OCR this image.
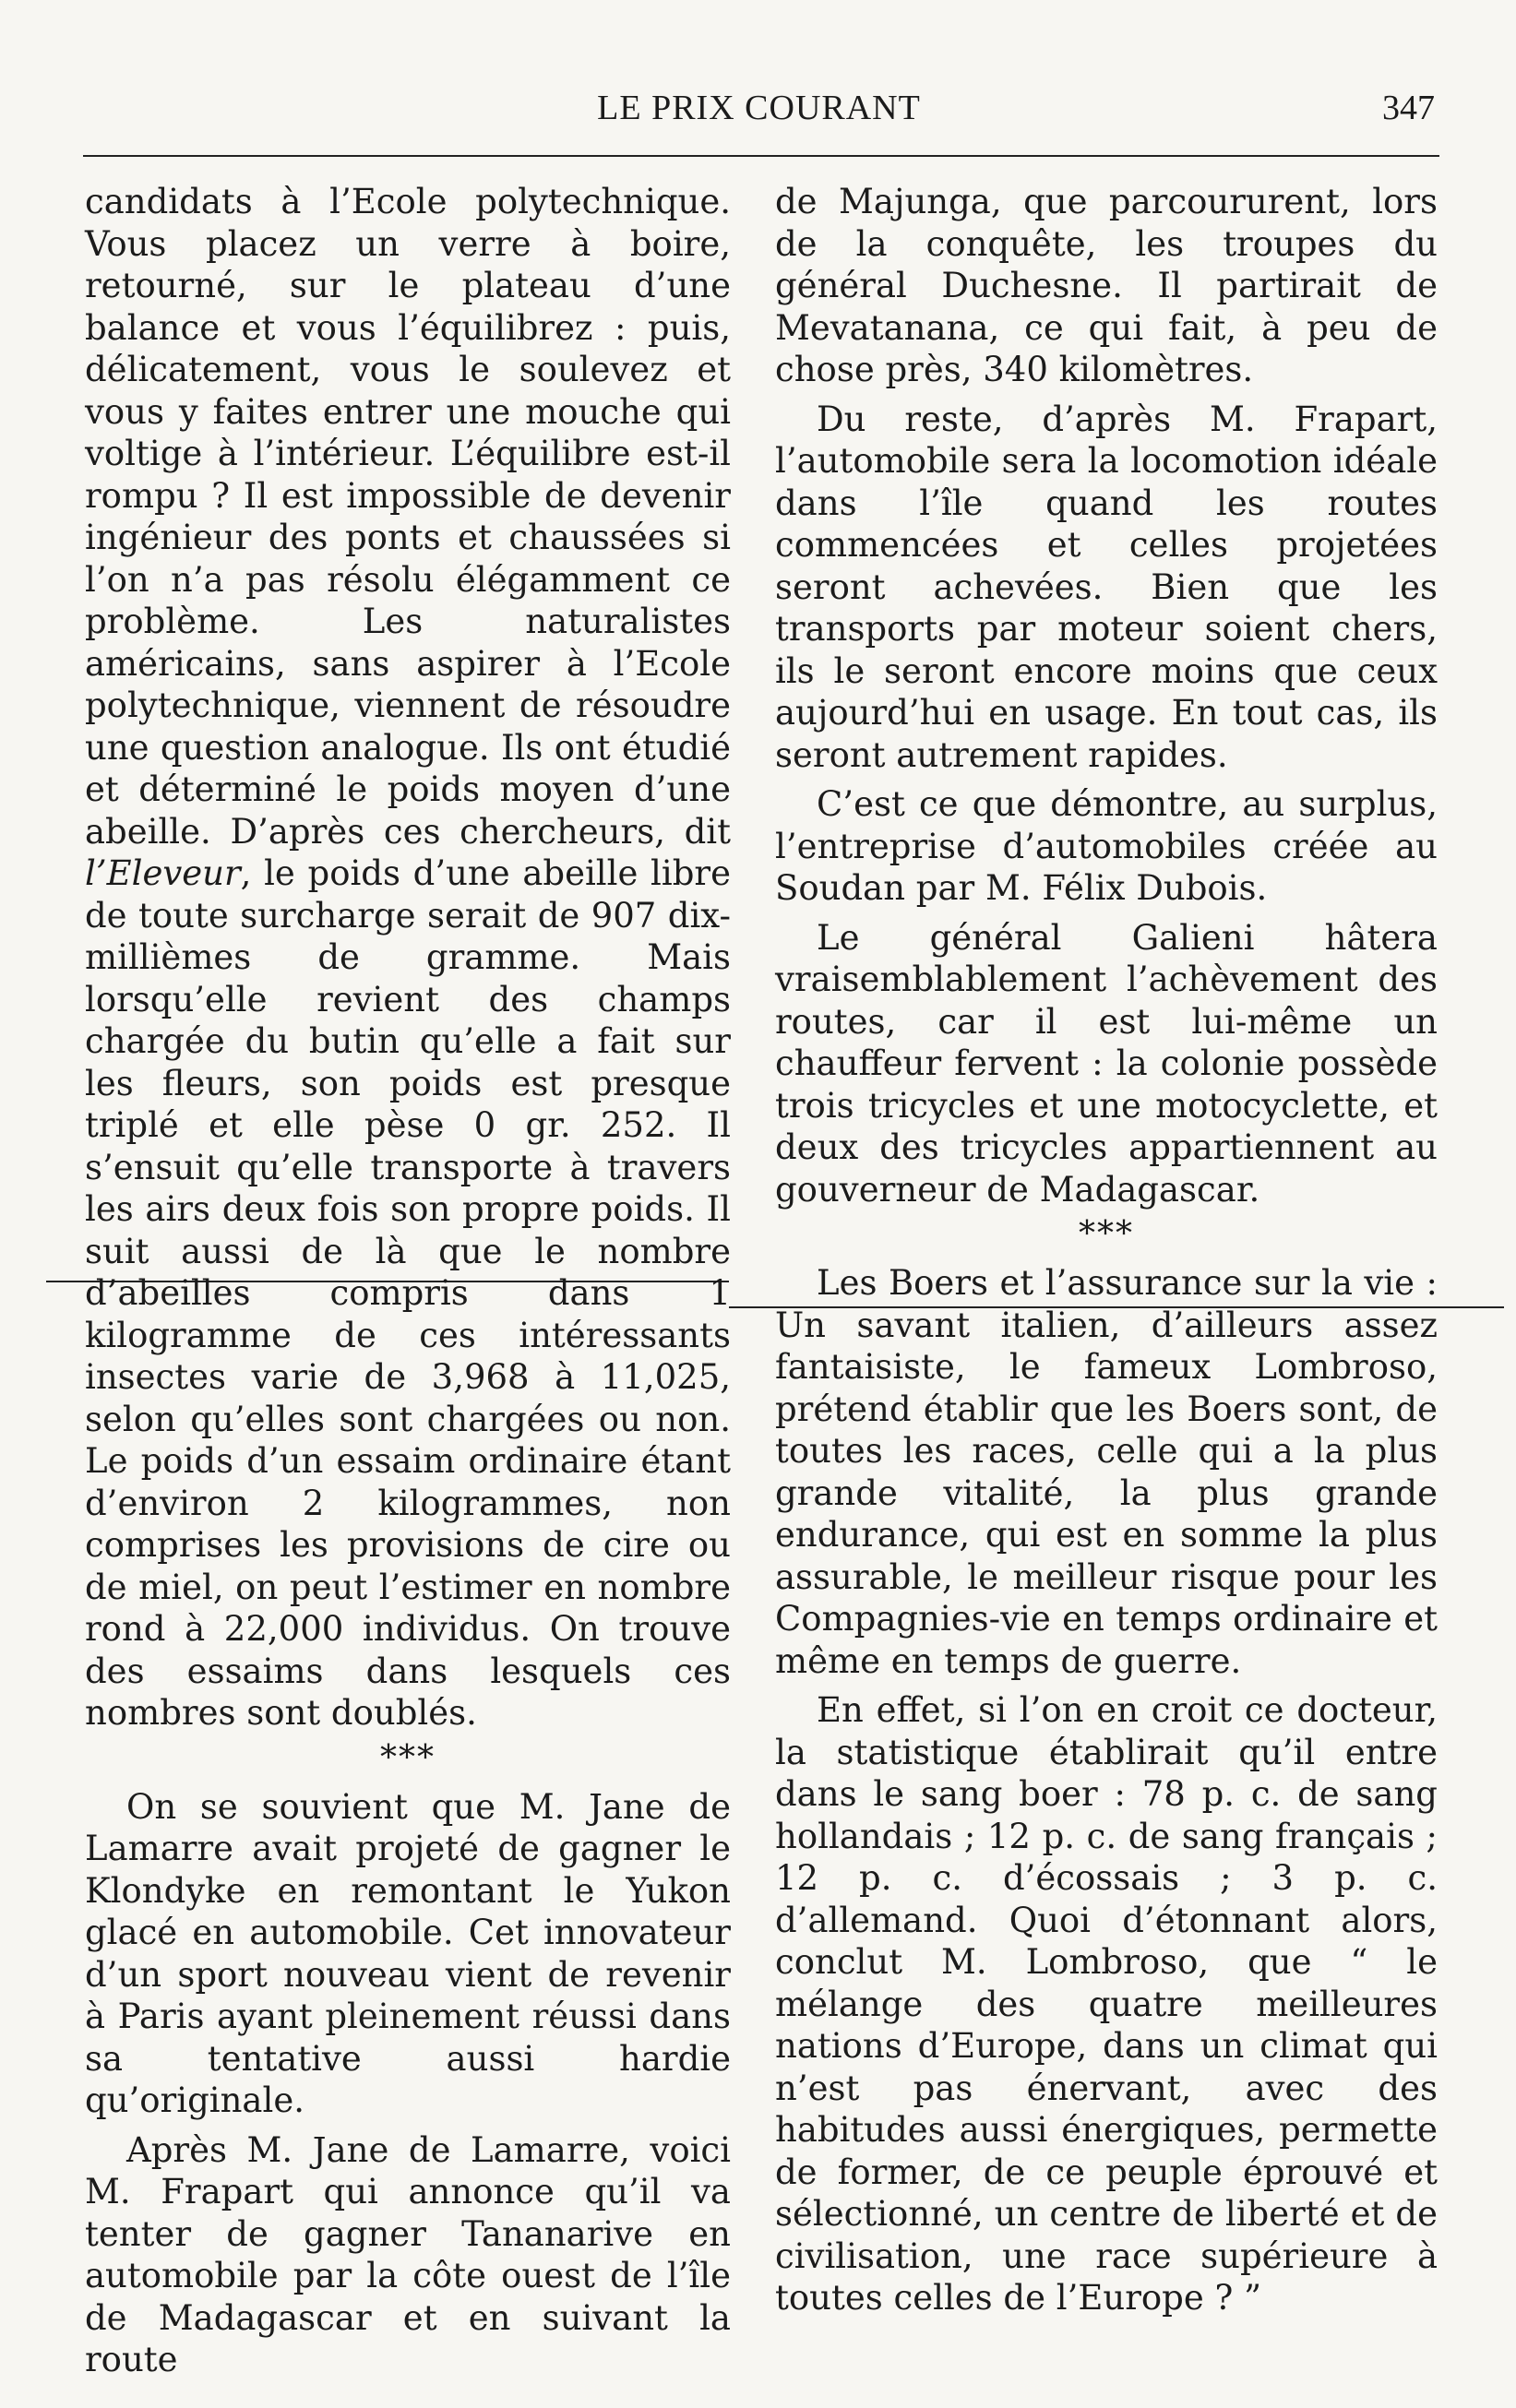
LE PRIX COURANT	347

candidats à l’Ecole polytechnique. Vous placez un verre à boire, retourné, sur le plateau d’une balance et vous l’équilibrez : puis, délicatement, vous le soulevez et vous y faites entrer une mouche qui voltige à l’intérieur. L’équilibre est-il rompu ? Il est impossible de devenir ingénieur des ponts et chaussées si l’on n’a pas résolu élégamment ce problème. Les naturalistes américains, sans aspirer à l’Ecole polytechnique, viennent de résoudre une question analogue. Ils ont étudié et déterminé le poids moyen d’une abeille. D’après ces chercheurs, dit l’Eleveur, le poids d’une abeille libre de toute surcharge serait de 907 dix-millièmes de gramme. Mais lorsqu’elle revient des champs chargée du butin qu’elle a fait sur les fleurs, son poids est presque triplé et elle pèse 0 gr. 252. Il s’ensuit qu’elle transporte à travers les airs deux fois son propre poids. Il suit aussi de là que le nombre d’abeilles compris dans 1 kilogramme de ces intéressants insectes varie de 3,968 à 11,025, selon qu’elles sont chargées ou non. Le poids d’un essaim ordinaire étant d’environ 2 kilogrammes, non comprises les provisions de cire ou de miel, on peut l’estimer en nombre rond à 22,000 individus. On trouve des essaims dans lesquels ces nombres sont doublés.

***

On se souvient que M. Jane de Lamarre avait projeté de gagner le Klondyke en remontant le Yukon glacé en automobile. Cet innovateur d’un sport nouveau vient de revenir à Paris ayant pleinement réussi dans sa tentative aussi hardie qu’originale.

Après M. Jane de Lamarre, voici M. Frapart qui annonce qu’il va tenter de gagner Tananarive en automobile par la côte ouest de l’île de Madagascar et en suivant la route

de Majunga, que parcoururent, lors de la conquête, les troupes du général Duchesne. Il partirait de Mevatanana, ce qui fait, à peu de chose près, 340 kilomètres.

Du reste, d’après M. Frapart, l’automobile sera la locomotion idéale dans l’île quand les routes commencées et celles projetées seront achevées. Bien que les transports par moteur soient chers, ils le seront encore moins que ceux aujourd’hui en usage. En tout cas, ils seront autrement rapides.

C’est ce que démontre, au surplus, l’entreprise d’automobiles créée au Soudan par M. Félix Dubois.

Le général Galieni hâtera vraisemblablement l’achèvement des routes, car il est lui-même un chauffeur fervent : la colonie possède trois tricycles et une motocyclette, et deux des tricycles appartiennent au gouverneur de Madagascar.

***

Les Boers et l’assurance sur la vie : Un savant italien, d’ailleurs assez fantaisiste, le fameux Lombroso, prétend établir que les Boers sont, de toutes les races, celle qui a la plus grande vitalité, la plus grande endurance, qui est en somme la plus assurable, le meilleur risque pour les Compagnies-vie en temps ordinaire et même en temps de guerre.

En effet, si l’on en croit ce docteur, la statistique établirait qu’il entre dans le sang boer : 78 p. c. de sang hollandais ; 12 p. c. de sang français ; 12 p. c. d’écossais ; 3 p. c. d’allemand. Quoi d’étonnant alors, conclut M. Lombroso, que “ le mélange des quatre meilleures nations d’Europe, dans un climat qui n’est pas énervant, avec des habitudes aussi énergiques, permette de former, de ce peuple éprouvé et sélectionné, un centre de liberté et de civilisation, une race supérieure à toutes celles de l’Europe ? ”
